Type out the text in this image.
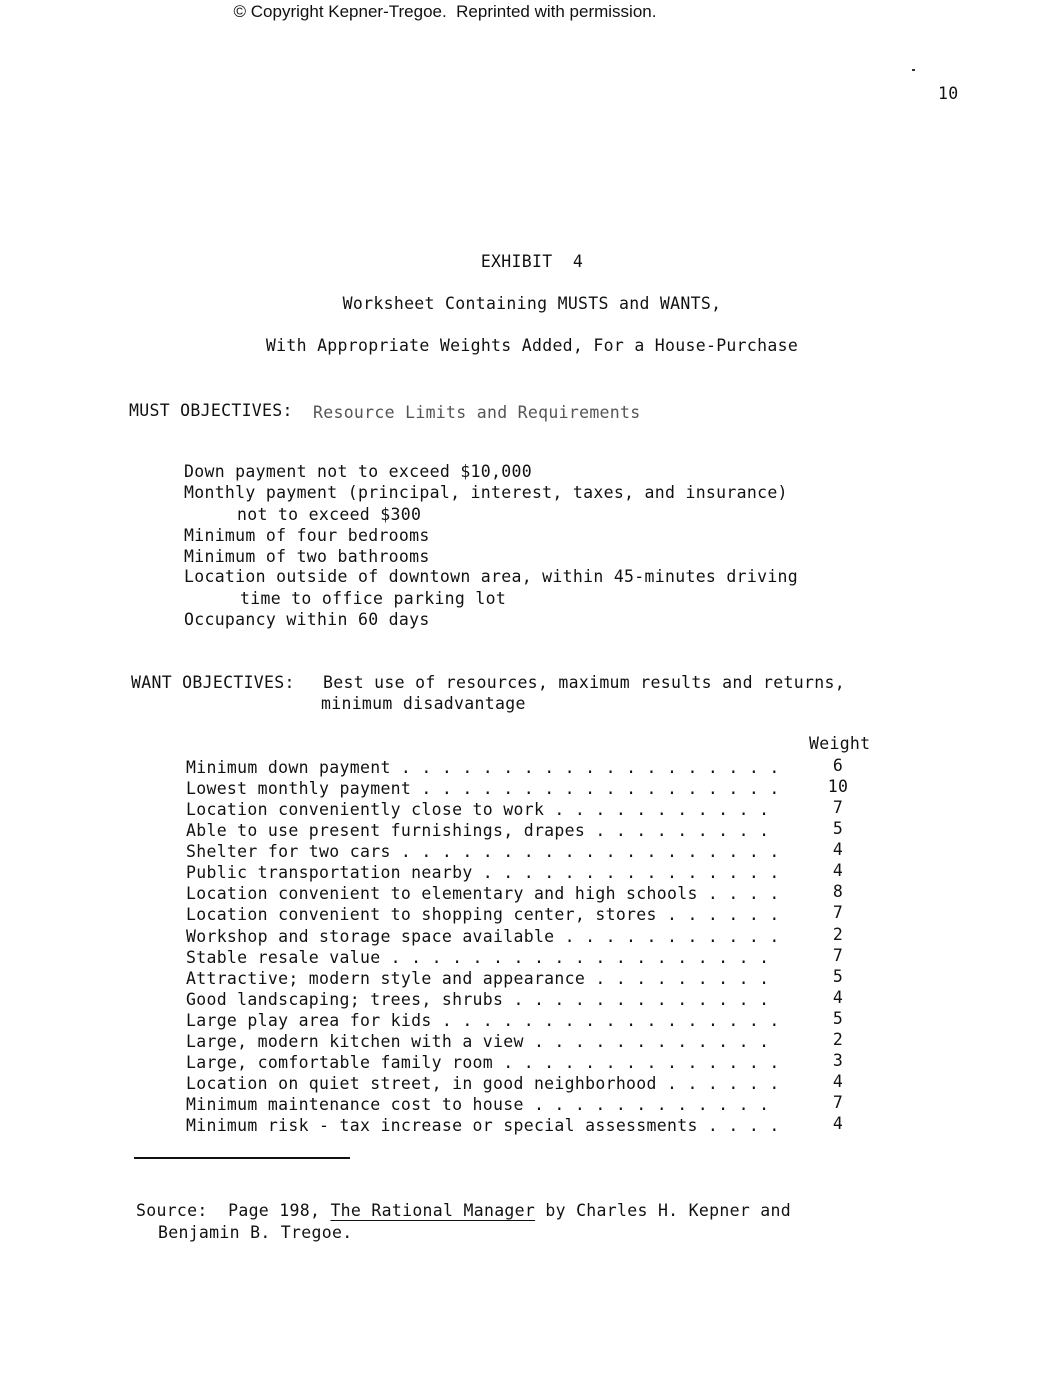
© Copyright Kepner-Tregoe.  Reprinted with permission.
10
EXHIBIT  4
Worksheet Containing MUSTS and WANTS,
With Appropriate Weights Added, For a House-Purchase
MUST OBJECTIVES: Resource Limits and Requirements

Down payment not to exceed $10,000

Monthly payment (principal, interest, taxes, and insurance)

not to exceed $300

Minimum of four bedrooms

Minimum of two bathrooms

Location outside of downtown area, within 45-minutes driving

time to office parking lot

Occupancy within 60 days

WANT OBJECTIVES: Best use of resources, maximum results and returns,
minimum disadvantage
Weight

Minimum down payment . . .

	6

Lowest monthly payment . . .

	10

Location conveniently close to work . . .

	7

Able to use present furnishings, drapes . . .

	5

Shelter for two cars . . .

	4

Public transportation nearby . . .

	4

Location convenient to elementary and high schools . . .

	8

Location convenient to shopping center, stores . . .

	7

Workshop and storage space available . . .

	2

Stable resale value . . .

	7

Attractive; modern style and appearance . . .

	5

Good landscaping; trees, shrubs . . .

	4

Large play area for kids . . .

	5

Large, modern kitchen with a view . . .

	2

Large, comfortable family room . . .

	3

Location on quiet street, in good neighborhood . . .

	4

Minimum maintenance cost to house . . .

	7

Minimum risk - tax increase or special assessments . . .

	4

Source:  Page 198, The Rational Manager by Charles H. Kepner and
Benjamin B. Tregoe.
